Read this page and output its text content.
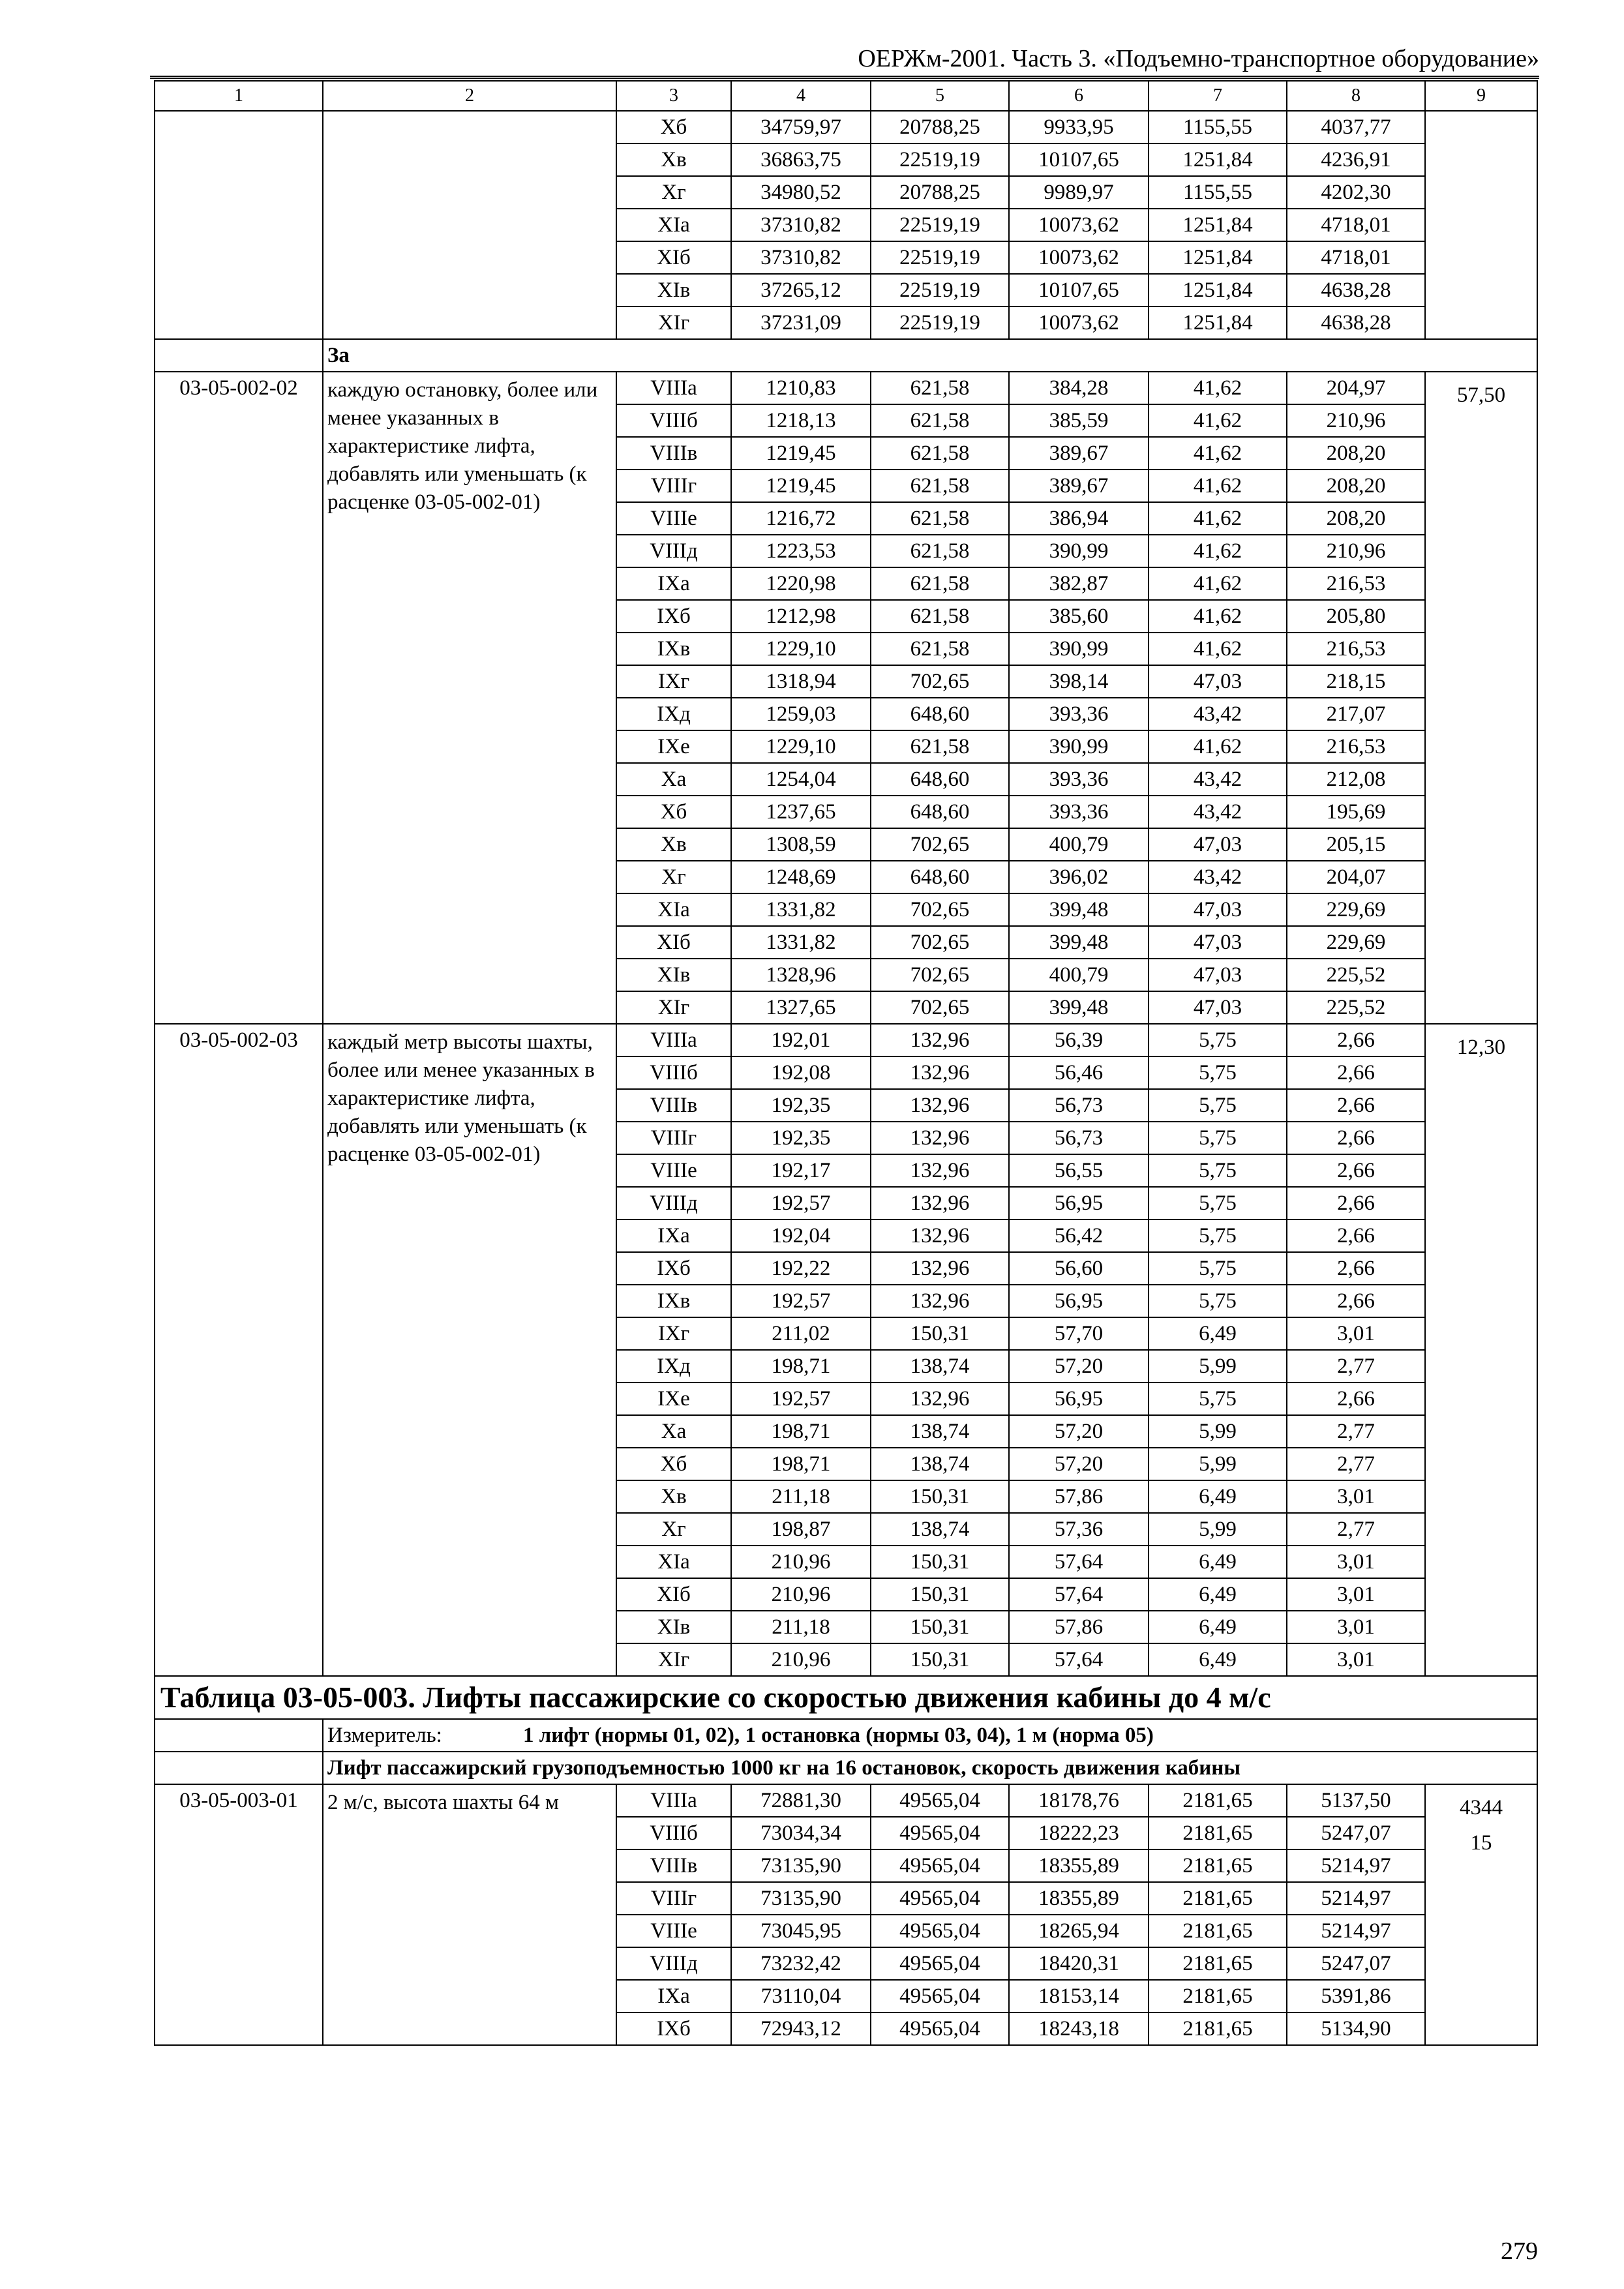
ОЕРЖм-2001. Часть 3. «Подъемно-транспортное оборудование»
1	2	3	4	5	6	7	8	9
		Xб	34759,97	20788,25	9933,95	1155,55	4037,77	
		Xв	36863,75	22519,19	10107,65	1251,84	4236,91	
		Xг	34980,52	20788,25	9989,97	1155,55	4202,30	
		XIа	37310,82	22519,19	10073,62	1251,84	4718,01	
		XIб	37310,82	22519,19	10073,62	1251,84	4718,01	
		XIв	37265,12	22519,19	10107,65	1251,84	4638,28	
		XIг	37231,09	22519,19	10073,62	1251,84	4638,28	
	За							
03-05-002-02	каждую остановку, более или менее указанных в характеристике лифта, добавлять или уменьшать (к расценке 03-05-002-01)	VIIIа	1210,83	621,58	384,28	41,62	204,97	57,50
		VIIIб	1218,13	621,58	385,59	41,62	210,96	
		VIIIв	1219,45	621,58	389,67	41,62	208,20	
		VIIIг	1219,45	621,58	389,67	41,62	208,20	
		VIIIе	1216,72	621,58	386,94	41,62	208,20	
		VIIIд	1223,53	621,58	390,99	41,62	210,96	
		IXа	1220,98	621,58	382,87	41,62	216,53	
		IXб	1212,98	621,58	385,60	41,62	205,80	
		IXв	1229,10	621,58	390,99	41,62	216,53	
		IXг	1318,94	702,65	398,14	47,03	218,15	
		IXд	1259,03	648,60	393,36	43,42	217,07	
		IXе	1229,10	621,58	390,99	41,62	216,53	
		Xа	1254,04	648,60	393,36	43,42	212,08	
		Xб	1237,65	648,60	393,36	43,42	195,69	
		Xв	1308,59	702,65	400,79	47,03	205,15	
		Xг	1248,69	648,60	396,02	43,42	204,07	
		XIа	1331,82	702,65	399,48	47,03	229,69	
		XIб	1331,82	702,65	399,48	47,03	229,69	
		XIв	1328,96	702,65	400,79	47,03	225,52	
		XIг	1327,65	702,65	399,48	47,03	225,52	
03-05-002-03	каждый метр высоты шахты, более или менее указанных в характеристике лифта, добавлять или уменьшать (к расценке 03-05-002-01)	VIIIа	192,01	132,96	56,39	5,75	2,66	12,30
		VIIIб	192,08	132,96	56,46	5,75	2,66	
		VIIIв	192,35	132,96	56,73	5,75	2,66	
		VIIIг	192,35	132,96	56,73	5,75	2,66	
		VIIIе	192,17	132,96	56,55	5,75	2,66	
		VIIIд	192,57	132,96	56,95	5,75	2,66	
		IXа	192,04	132,96	56,42	5,75	2,66	
		IXб	192,22	132,96	56,60	5,75	2,66	
		IXв	192,57	132,96	56,95	5,75	2,66	
		IXг	211,02	150,31	57,70	6,49	3,01	
		IXд	198,71	138,74	57,20	5,99	2,77	
		IXе	192,57	132,96	56,95	5,75	2,66	
		Xа	198,71	138,74	57,20	5,99	2,77	
		Xб	198,71	138,74	57,20	5,99	2,77	
		Xв	211,18	150,31	57,86	6,49	3,01	
		Xг	198,87	138,74	57,36	5,99	2,77	
		XIа	210,96	150,31	57,64	6,49	3,01	
		XIб	210,96	150,31	57,64	6,49	3,01	
		XIв	211,18	150,31	57,86	6,49	3,01	
		XIг	210,96	150,31	57,64	6,49	3,01	
Таблица 03-05-003. Лифты пассажирские со скоростью движения кабины до 4 м/с								
	Измеритель: 1 лифт (нормы 01, 02), 1 остановка (нормы 03, 04), 1 м (норма 05)							
	Лифт пассажирский грузоподъемностью 1000 кг на 16 остановок, скорость движения кабины							
03-05-003-01	2 м/с, высота шахты 64 м	VIIIа	72881,30	49565,04	18178,76	2181,65	5137,50	4344
15
		VIIIб	73034,34	49565,04	18222,23	2181,65	5247,07	
		VIIIв	73135,90	49565,04	18355,89	2181,65	5214,97	
		VIIIг	73135,90	49565,04	18355,89	2181,65	5214,97	
		VIIIе	73045,95	49565,04	18265,94	2181,65	5214,97	
		VIIIд	73232,42	49565,04	18420,31	2181,65	5247,07	
		IXа	73110,04	49565,04	18153,14	2181,65	5391,86	
		IXб	72943,12	49565,04	18243,18	2181,65	5134,90	
279
